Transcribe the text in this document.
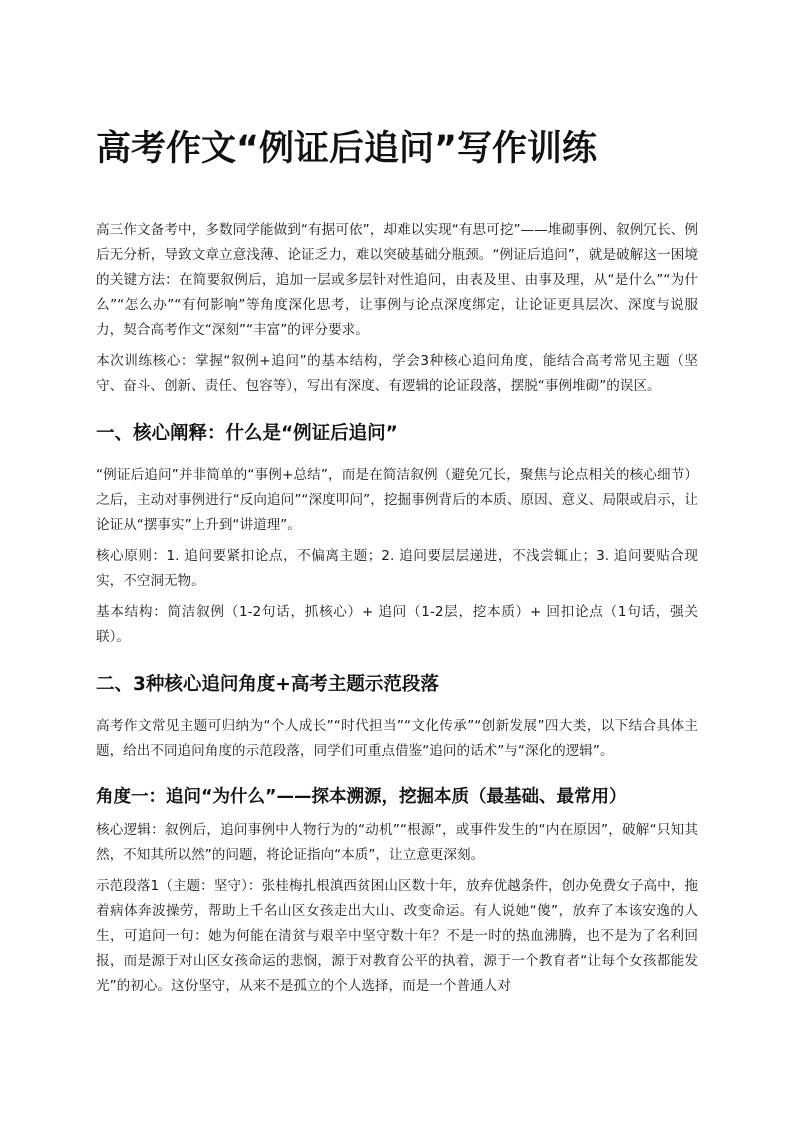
高考作文“例证后追问”写作训练

高三作文备考中，多数同学能做到“有据可依”，却难以实现“有思可挖”——堆砌事例、叙例冗长、例后无分析，导致文章立意浅薄、论证乏力，难以突破基础分瓶颈。“例证后追问”，就是破解这一困境的关键方法：在简要叙例后，追加一层或多层针对性追问，由表及里、由事及理，从“是什么”“为什么”“怎么办”“有何影响”等角度深化思考，让事例与论点深度绑定，让论证更具层次、深度与说服力，契合高考作文“深刻”“丰富”的评分要求。

本次训练核心：掌握“叙例+追问”的基本结构，学会3种核心追问角度，能结合高考常见主题（坚守、奋斗、创新、责任、包容等），写出有深度、有逻辑的论证段落，摆脱“事例堆砌”的误区。

一、核心阐释：什么是“例证后追问”

“例证后追问”并非简单的“事例+总结”，而是在简洁叙例（避免冗长，聚焦与论点相关的核心细节）之后，主动对事例进行“反向追问”“深度叩问”，挖掘事例背后的本质、原因、意义、局限或启示，让论证从“摆事实”上升到“讲道理”。

核心原则：1. 追问要紧扣论点，不偏离主题；2. 追问要层层递进，不浅尝辄止；3. 追问要贴合现实，不空洞无物。

基本结构：简洁叙例（1-2句话，抓核心）+ 追问（1-2层，挖本质）+ 回扣论点（1句话，强关联）。

二、3种核心追问角度+高考主题示范段落

高考作文常见主题可归纳为“个人成长”“时代担当”“文化传承”“创新发展”四大类，以下结合具体主题，给出不同追问角度的示范段落，同学们可重点借鉴“追问的话术”与“深化的逻辑”。

角度一：追问“为什么”——探本溯源，挖掘本质（最基础、最常用）

核心逻辑：叙例后，追问事例中人物行为的“动机”“根源”，或事件发生的“内在原因”，破解“只知其然，不知其所以然”的问题，将论证指向“本质”，让立意更深刻。

示范段落1（主题：坚守）：张桂梅扎根滇西贫困山区数十年，放弃优越条件，创办免费女子高中，拖着病体奔波操劳，帮助上千名山区女孩走出大山、改变命运。有人说她“傻”，放弃了本该安逸的人生，可追问一句：她为何能在清贫与艰辛中坚守数十年？不是一时的热血沸腾，也不是为了名利回报，而是源于对山区女孩命运的悲悯，源于对教育公平的执着，源于一个教育者“让每个女孩都能发光”的初心。这份坚守，从来不是孤立的个人选择，而是一个普通人对
